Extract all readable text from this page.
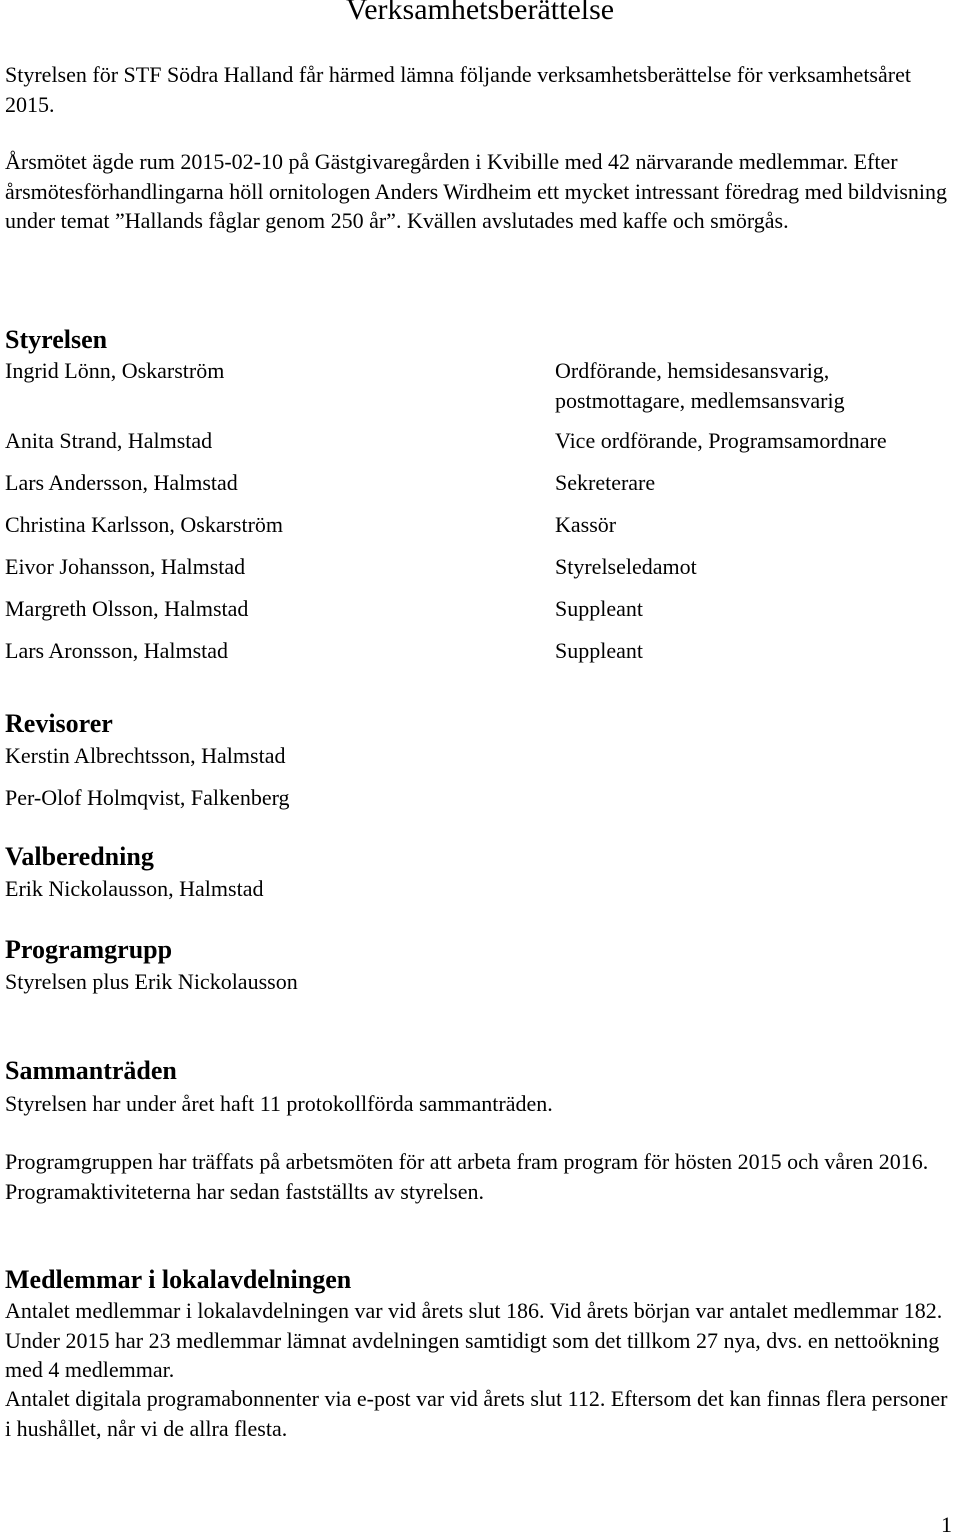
Verksamhetsberättelse

Styrelsen för STF Södra Halland får härmed lämna följande verksamhetsberättelse för verksamhetsåret 2015.

Årsmötet ägde rum 2015-02-10 på Gästgivaregården i Kvibille med 42 närvarande medlemmar. Efter årsmötesförhandlingarna höll ornitologen Anders Wirdheim ett mycket intressant föredrag med bildvisning under temat ”Hallands fåglar genom 250 år”. Kvällen avslutades med kaffe och smörgås.

Styrelsen
Ingrid Lönn, Oskarström	Ordförande, hemsidesansvarig, postmottagare, medlemsansvarig
Anita Strand, Halmstad	Vice ordförande, Programsamordnare
Lars Andersson, Halmstad	Sekreterare
Christina Karlsson, Oskarström	Kassör
Eivor Johansson, Halmstad	Styrelseledamot
Margreth Olsson, Halmstad	Suppleant
Lars Aronsson, Halmstad	Suppleant
Revisorer
Kerstin Albrechtsson, Halmstad
Per-Olof Holmqvist, Falkenberg
Valberedning
Erik Nickolausson, Halmstad
Programgrupp
Styrelsen plus Erik Nickolausson
Sammanträden

Styrelsen har under året haft 11 protokollförda sammanträden.

Programgruppen har träffats på arbetsmöten för att arbeta fram program för hösten 2015 och våren 2016. Programaktiviteterna har sedan fastställts av styrelsen.

Medlemmar i lokalavdelningen

Antalet medlemmar i lokalavdelningen var vid årets slut 186. Vid årets början var antalet medlemmar 182. Under 2015 har 23 medlemmar lämnat avdelningen samtidigt som det tillkom 27 nya, dvs. en nettoökning med 4 medlemmar.

Antalet digitala programabonnenter via e-post var vid årets slut 112. Eftersom det kan finnas flera personer i hushållet, når vi de allra flesta.

1
